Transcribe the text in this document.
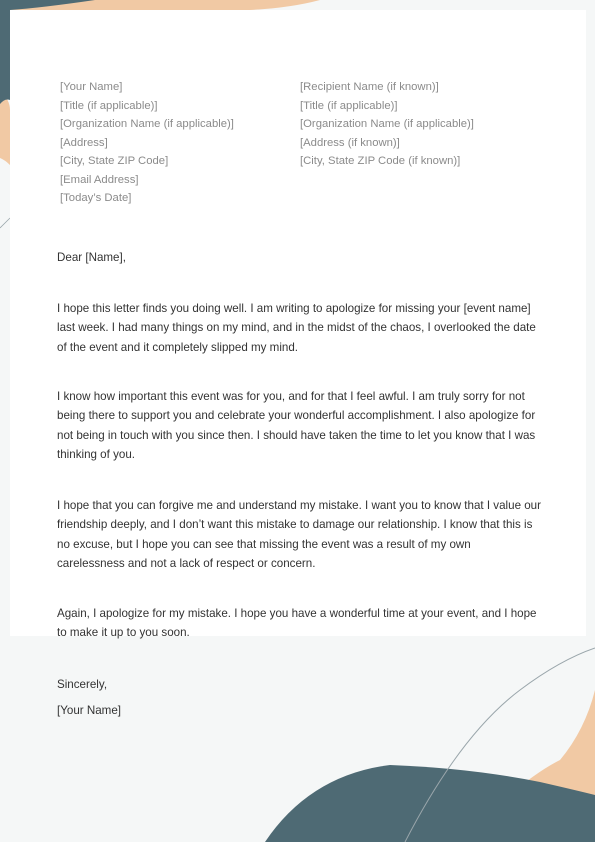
[Your Name]
[Title (if applicable)]
[Organization Name (if applicable)]
[Address]
[City, State ZIP Code]
[Email Address]
[Today’s Date]
[Recipient Name (if known)]
[Title (if applicable)]
[Organization Name (if applicable)]
[Address (if known)]
[City, State ZIP Code (if known)]
Dear [Name],

I hope this letter finds you doing well. I am writing to apologize for missing your [event name] last week. I had many things on my mind, and in the midst of the chaos, I overlooked the date of the event and it completely slipped my mind.

I know how important this event was for you, and for that I feel awful. I am truly sorry for not being there to support you and celebrate your wonderful accomplishment. I also apologize for not being in touch with you since then. I should have taken the time to let you know that I was thinking of you.

I hope that you can forgive me and understand my mistake. I want you to know that I value our friendship deeply, and I don’t want this mistake to damage our relationship. I know that this is no excuse, but I hope you can see that missing the event was a result of my own carelessness and not a lack of respect or concern.

Again, I apologize for my mistake. I hope you have a wonderful time at your event, and I hope to make it up to you soon.

Sincerely,
[Your Name]
